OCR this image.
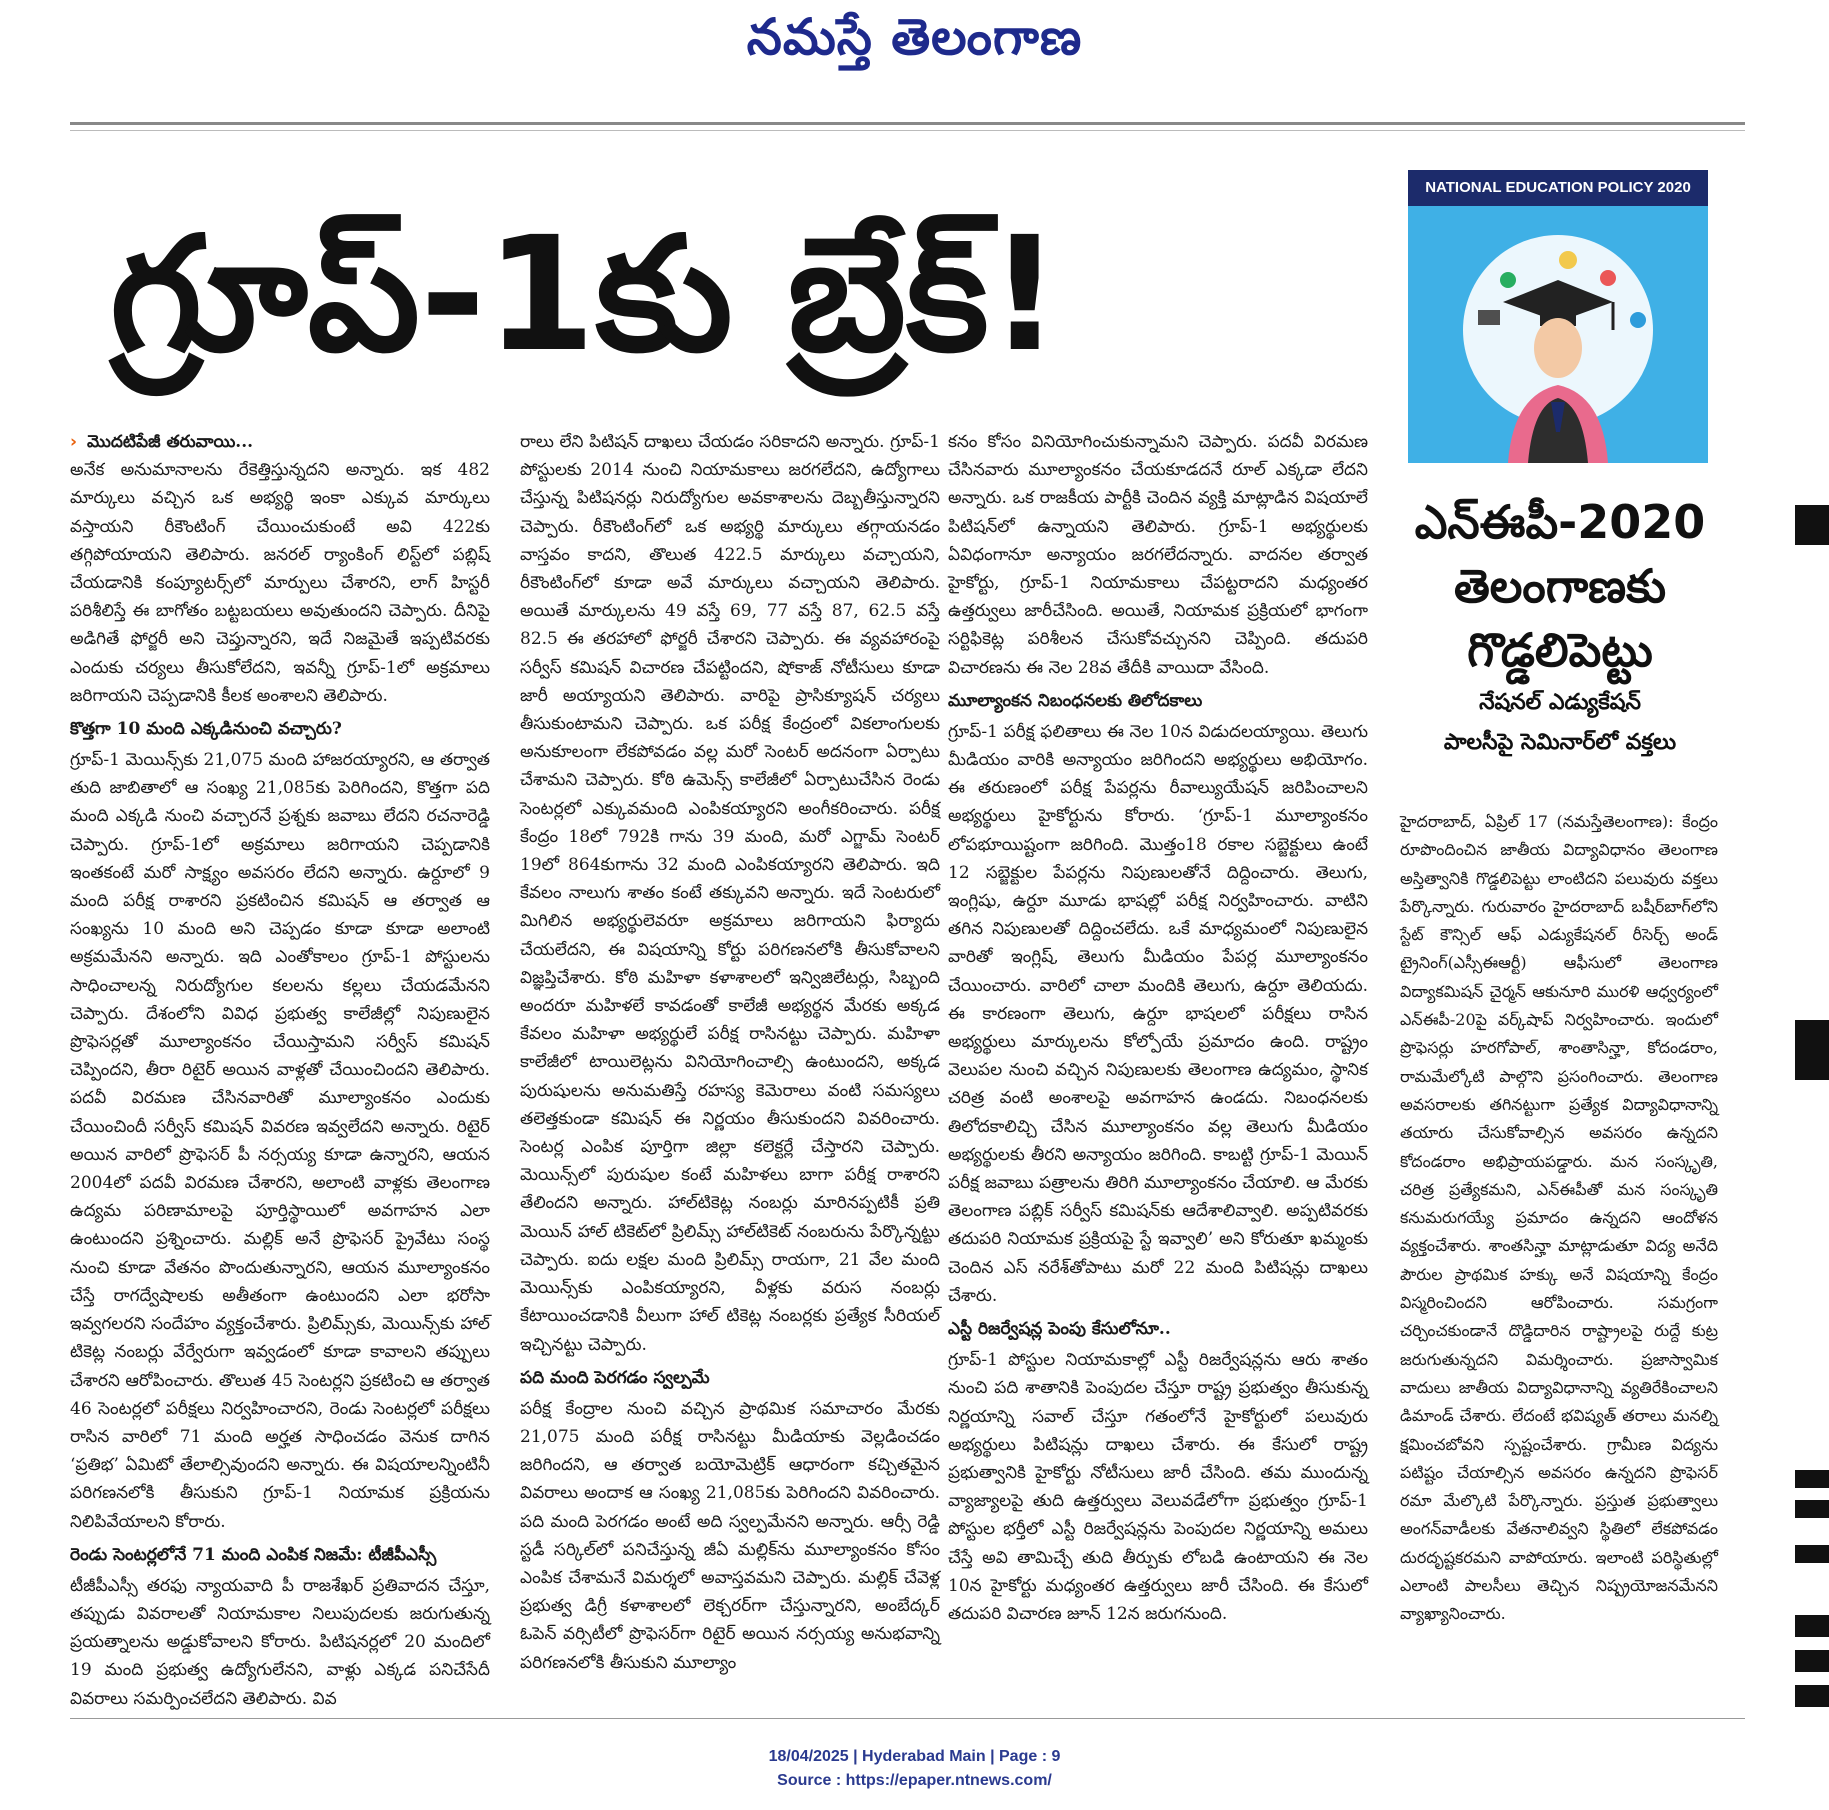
నమస్తే తెలంగాణ
గ్రూప్-1కు బ్రేక్!

› మొదటిపేజీ తరువాయి...

అనేక అనుమానాలను రేకెత్తిస్తున్నదని అన్నారు. ఇక 482 మార్కులు వచ్చిన ఒక అభ్యర్థి ఇంకా ఎక్కువ మార్కులు వస్తాయని రీకౌంటింగ్ చేయించుకుంటే అవి 422కు తగ్గిపోయాయని తెలిపారు. జనరల్ ర్యాంకింగ్ లిస్ట్‌లో పబ్లిష్ చేయడానికి కంప్యూటర్స్‌లో మార్పులు చేశారని, లాగ్ హిస్టరీ పరిశీలిస్తే ఈ బాగోతం బట్టబయలు అవుతుందని చెప్పారు. దీనిపై అడిగితే ఫోర్జరీ అని చెప్తున్నారని, ఇదే నిజమైతే ఇప్పటివరకు ఎందుకు చర్యలు తీసుకోలేదని, ఇవన్నీ గ్రూప్-1లో అక్రమాలు జరిగాయని చెప్పడానికి కీలక అంశాలని తెలిపారు.

కొత్తగా 10 మంది ఎక్కడినుంచి వచ్చారు?

గ్రూప్-1 మెయిన్స్‌కు 21,075 మంది హాజరయ్యారని, ఆ తర్వాత తుది జాబితాలో ఆ సంఖ్య 21,085కు పెరిగిందని, కొత్తగా పది మంది ఎక్కడి నుంచి వచ్చారనే ప్రశ్నకు జవాబు లేదని రచనారెడ్డి చెప్పారు. గ్రూప్-1లో అక్రమాలు జరిగాయని చెప్పడానికి ఇంతకంటే మరో సాక్ష్యం అవసరం లేదని అన్నారు. ఉర్దూలో 9 మంది పరీక్ష రాశారని ప్రకటించిన కమిషన్ ఆ తర్వాత ఆ సంఖ్యను 10 మంది అని చెప్పడం కూడా కూడా అలాంటి అక్రమమేనని అన్నారు. ఇది ఎంతోకాలం గ్రూప్-1 పోస్టులను సాధించాలన్న నిరుద్యోగుల కలలను కల్లలు చేయడమేనని చెప్పారు. దేశంలోని వివిధ ప్రభుత్వ కాలేజీల్లో నిపుణులైన ప్రొఫెసర్లతో మూల్యాంకనం చేయిస్తామని సర్వీస్ కమిషన్ చెప్పిందని, తీరా రిటైర్ అయిన వాళ్లతో చేయించిందని తెలిపారు. పదవీ విరమణ చేసినవారితో మూల్యాంకనం ఎందుకు చేయించిందీ సర్వీస్ కమిషన్ వివరణ ఇవ్వలేదని అన్నారు. రిటైర్ అయిన వారిలో ప్రొఫెసర్ పీ నర్సయ్య కూడా ఉన్నారని, ఆయన 2004లో పదవీ విరమణ చేశారని, అలాంటి వాళ్లకు తెలంగాణ ఉద్యమ పరిణామాలపై పూర్తిస్థాయిలో అవగాహన ఎలా ఉంటుందని ప్రశ్నించారు. మల్లిక్ అనే ప్రొఫెసర్ ప్రైవేటు సంస్థ నుంచి కూడా వేతనం పొందుతున్నారని, ఆయన మూల్యాంకనం చేస్తే రాగద్వేషాలకు అతీతంగా ఉంటుందని ఎలా భరోసా ఇవ్వగలరని సందేహం వ్యక్తంచేశారు. ప్రిలిమ్స్‌కు, మెయిన్స్‌కు హాల్ టికెట్ల నంబర్లు వేర్వేరుగా ఇవ్వడంలో కూడా కావాలని తప్పులు చేశారని ఆరోపించారు. తొలుత 45 సెంటర్లని ప్రకటించి ఆ తర్వాత 46 సెంటర్లలో పరీక్షలు నిర్వహించారని, రెండు సెంటర్లలో పరీక్షలు రాసిన వారిలో 71 మంది అర్హత సాధించడం వెనుక దాగిన ‘ప్రతిభ’ ఏమిటో తేలాల్సివుందని అన్నారు. ఈ విషయాలన్నింటినీ పరిగణనలోకి తీసుకుని గ్రూప్-1 నియామక ప్రక్రియను నిలిపివేయాలని కోరారు.

రెండు సెంటర్లలోనే 71 మంది ఎంపిక నిజమే: టీజీపీఎస్సీ

టీజీపీఎస్సీ తరఫు న్యాయవాది పీ రాజశేఖర్ ప్రతివాదన చేస్తూ, తప్పుడు వివరాలతో నియామకాల నిలుపుదలకు జరుగుతున్న ప్రయత్నాలను అడ్డుకోవాలని కోరారు. పిటిషనర్లలో 20 మందిలో 19 మంది ప్రభుత్వ ఉద్యోగులేనని, వాళ్లు ఎక్కడ పనిచేసేదీ వివరాలు సమర్పించలేదని తెలిపారు. వివ

రాలు లేని పిటిషన్ దాఖలు చేయడం సరికాదని అన్నారు. గ్రూప్-1 పోస్టులకు 2014 నుంచి నియామకాలు జరగలేదని, ఉద్యోగాలు చేస్తున్న పిటిషనర్లు నిరుద్యోగుల అవకాశాలను దెబ్బతీస్తున్నారని చెప్పారు. రీకౌంటింగ్‌లో ఒక అభ్యర్థి మార్కులు తగ్గాయనడం వాస్తవం కాదని, తొలుత 422.5 మార్కులు వచ్చాయని, రీకౌంటింగ్‌లో కూడా అవే మార్కులు వచ్చాయని తెలిపారు. అయితే మార్కులను 49 వస్తే 69, 77 వస్తే 87, 62.5 వస్తే 82.5 ఈ తరహాలో ఫోర్జరీ చేశారని చెప్పారు. ఈ వ్యవహారంపై సర్వీస్ కమిషన్ విచారణ చేపట్టిందని, షోకాజ్ నోటీసులు కూడా జారీ అయ్యాయని తెలిపారు. వారిపై ప్రాసిక్యూషన్ చర్యలు తీసుకుంటామని చెప్పారు. ఒక పరీక్ష కేంద్రంలో వికలాంగులకు అనుకూలంగా లేకపోవడం వల్ల మరో సెంటర్ అదనంగా ఏర్పాటు చేశామని చెప్పారు. కోఠి ఉమెన్స్ కాలేజీలో ఏర్పాటుచేసిన రెండు సెంటర్లలో ఎక్కువమంది ఎంపికయ్యారని అంగీకరించారు. పరీక్ష కేంద్రం 18లో 792కి గాను 39 మంది, మరో ఎగ్జామ్ సెంటర్ 19లో 864కుగాను 32 మంది ఎంపికయ్యారని తెలిపారు. ఇది కేవలం నాలుగు శాతం కంటే తక్కువని అన్నారు. ఇదే సెంటరులో మిగిలిన అభ్యర్థులెవరూ అక్రమాలు జరిగాయని ఫిర్యాదు చేయలేదని, ఈ విషయాన్ని కోర్టు పరిగణనలోకి తీసుకోవాలని విజ్ఞప్తిచేశారు. కోఠి మహిళా కళాశాలలో ఇన్విజిలేటర్లు, సిబ్బంది అందరూ మహిళలే కావడంతో కాలేజీ అభ్యర్థన మేరకు అక్కడ కేవలం మహిళా అభ్యర్థులే పరీక్ష రాసినట్టు చెప్పారు. మహిళా కాలేజీలో టాయిలెట్లను వినియోగించాల్సి ఉంటుందని, అక్కడ పురుషులను అనుమతిస్తే రహస్య కెమెరాలు వంటి సమస్యలు తలెత్తకుండా కమిషన్ ఈ నిర్ణయం తీసుకుందని వివరించారు. సెంటర్ల ఎంపిక పూర్తిగా జిల్లా కలెక్టర్లే చేస్తారని చెప్పారు. మెయిన్స్‌లో పురుషుల కంటే మహిళలు బాగా పరీక్ష రాశారని తేలిందని అన్నారు. హాల్‌టికెట్ల నంబర్లు మారినప్పటికీ ప్రతి మెయిన్ హాల్ టికెట్‌లో ప్రిలిమ్స్ హాల్‌టికెట్ నంబరును పేర్కొన్నట్టు చెప్పారు. ఐదు లక్షల మంది ప్రిలిమ్స్ రాయగా, 21 వేల మంది మెయిన్స్‌కు ఎంపికయ్యారని, వీళ్లకు వరుస నంబర్లు కేటాయించడానికి వీలుగా హాల్ టికెట్ల నంబర్లకు ప్రత్యేక సీరియల్ ఇచ్చినట్టు చెప్పారు.

పది మంది పెరగడం స్వల్పమే

పరీక్ష కేంద్రాల నుంచి వచ్చిన ప్రాథమిక సమాచారం మేరకు 21,075 మంది పరీక్ష రాసినట్టు మీడియాకు వెల్లడించడం జరిగిందని, ఆ తర్వాత బయోమెట్రిక్ ఆధారంగా కచ్చితమైన వివరాలు అందాక ఆ సంఖ్య 21,085కు పెరిగిందని వివరించారు. పది మంది పెరగడం అంటే అది స్వల్పమేనని అన్నారు. ఆర్సీ రెడ్డి స్టడీ సర్కిల్‌లో పనిచేస్తున్న జీఏ మల్లిక్‌ను మూల్యాంకనం కోసం ఎంపిక చేశామనే విమర్శలో అవాస్తవమని చెప్పారు. మల్లిక్ చేవెళ్ల ప్రభుత్వ డిగ్రీ కళాశాలలో లెక్చరర్‌గా చేస్తున్నారని, అంబేద్కర్ ఓపెన్ వర్సిటీలో ప్రొఫెసర్‌గా రిటైర్ అయిన నర్సయ్య అనుభవాన్ని పరిగణనలోకి తీసుకుని మూల్యాం

కనం కోసం వినియోగించుకున్నామని చెప్పారు. పదవీ విరమణ చేసినవారు మూల్యాంకనం చేయకూడదనే రూల్ ఎక్కడా లేదని అన్నారు. ఒక రాజకీయ పార్టీకి చెందిన వ్యక్తి మాట్లాడిన విషయాలే పిటిషన్‌లో ఉన్నాయని తెలిపారు. గ్రూప్-1 అభ్యర్థులకు ఏవిధంగానూ అన్యాయం జరగలేదన్నారు. వాదనల తర్వాత హైకోర్టు, గ్రూప్-1 నియామకాలు చేపట్టరాదని మధ్యంతర ఉత్తర్వులు జారీచేసింది. అయితే, నియామక ప్రక్రియలో భాగంగా సర్టిఫికెట్ల పరిశీలన చేసుకోవచ్చునని చెప్పింది. తదుపరి విచారణను ఈ నెల 28వ తేదీకి వాయిదా వేసింది.

మూల్యాంకన నిబంధనలకు తిలోదకాలు

గ్రూప్-1 పరీక్ష ఫలితాలు ఈ నెల 10న విడుదలయ్యాయి. తెలుగు మీడియం వారికి అన్యాయం జరిగిందని అభ్యర్థులు అభియోగం. ఈ తరుణంలో పరీక్ష పేపర్లను రీవాల్యుయేషన్ జరిపించాలని అభ్యర్థులు హైకోర్టును కోరారు. ‘గ్రూప్-1 మూల్యాంకనం లోపభూయిష్టంగా జరిగింది. మొత్తం18 రకాల సబ్జెక్టులు ఉంటే 12 సబ్జెక్టుల పేపర్లను నిపుణులతోనే దిద్దించారు. తెలుగు, ఇంగ్లిషు, ఉర్దూ మూడు భాషల్లో పరీక్ష నిర్వహించారు. వాటిని తగిన నిపుణులతో దిద్దించలేదు. ఒకే మాధ్యమంలో నిపుణులైన వారితో ఇంగ్లిష్, తెలుగు మీడియం పేపర్ల మూల్యాంకనం చేయించారు. వారిలో చాలా మందికి తెలుగు, ఉర్దూ తెలియదు. ఈ కారణంగా తెలుగు, ఉర్దూ భాషలలో పరీక్షలు రాసిన అభ్యర్థులు మార్కులను కోల్పోయే ప్రమాదం ఉంది. రాష్ట్రం వెలుపల నుంచి వచ్చిన నిపుణులకు తెలంగాణ ఉద్యమం, స్థానిక చరిత్ర వంటి అంశాలపై అవగాహన ఉండదు. నిబంధనలకు తిలోదకాలిచ్చి చేసిన మూల్యాంకనం వల్ల తెలుగు మీడియం అభ్యర్థులకు తీరని అన్యాయం జరిగింది. కాబట్టి గ్రూప్-1 మెయిన్ పరీక్ష జవాబు పత్రాలను తిరిగి మూల్యాంకనం చేయాలి. ఆ మేరకు తెలంగాణ పబ్లిక్ సర్వీస్ కమిషన్‌కు ఆదేశాలివ్వాలి. అప్పటివరకు తదుపరి నియామక ప్రక్రియపై స్టే ఇవ్వాలి’ అని కోరుతూ ఖమ్మంకు చెందిన ఎస్ నరేశ్‌తోపాటు మరో 22 మంది పిటిషన్లు దాఖలు చేశారు.

ఎస్టీ రిజర్వేషన్ల పెంపు కేసులోనూ..

గ్రూప్-1 పోస్టుల నియామకాల్లో ఎస్టీ రిజర్వేషన్లను ఆరు శాతం నుంచి పది శాతానికి పెంపుదల చేస్తూ రాష్ట్ర ప్రభుత్వం తీసుకున్న నిర్ణయాన్ని సవాల్ చేస్తూ గతంలోనే హైకోర్టులో పలువురు అభ్యర్థులు పిటిషన్లు దాఖలు చేశారు. ఈ కేసులో రాష్ట్ర ప్రభుత్వానికి హైకోర్టు నోటీసులు జారీ చేసింది. తమ ముందున్న వ్యాజ్యాలపై తుది ఉత్తర్వులు వెలువడేలోగా ప్రభుత్వం గ్రూప్-1 పోస్టుల భర్తీలో ఎస్టీ రిజర్వేషన్లను పెంపుదల నిర్ణయాన్ని అమలు చేస్తే అవి తామిచ్చే తుది తీర్పుకు లోబడి ఉంటాయని ఈ నెల 10న హైకోర్టు మధ్యంతర ఉత్తర్వులు జారీ చేసింది. ఈ కేసులో తదుపరి విచారణ జూన్ 12న జరుగనుంది.

NATIONAL EDUCATION POLICY 2020
ఎన్ఈపీ-2020
తెలంగాణకు
గొడ్డలిపెట్టు
నేషనల్ ఎడ్యుకేషన్
పాలసీపై సెమినార్‌లో వక్తలు
హైదరాబాద్, ఏప్రిల్ 17 (నమస్తేతెలంగాణ): కేంద్రం రూపొందించిన జాతీయ విద్యావిధానం తెలంగాణ అస్తిత్వానికి గొడ్డలిపెట్టు లాంటిదని పలువురు వక్తలు పేర్కొన్నారు. గురువారం హైదరాబాద్ బషీర్‌బాగ్‌లోని స్టేట్ కౌన్సిల్ ఆఫ్ ఎడ్యుకేషనల్ రీసెర్చ్ అండ్ ట్రైనింగ్(ఎస్సీఈఆర్టీ) ఆఫీసులో తెలంగాణ విద్యాకమిషన్ చైర్మన్ ఆకునూరి మురళి ఆధ్వర్యంలో ఎన్ఈపీ-20పై వర్క్‌షాప్ నిర్వహించారు. ఇందులో ప్రొఫెసర్లు హరగోపాల్, శాంతాసిన్హా, కోదండరాం, రామమేల్కోటి పాల్గొని ప్రసంగించారు. తెలంగాణ అవసరాలకు తగినట్టుగా ప్రత్యేక విద్యావిధానాన్ని తయారు చేసుకోవాల్సిన అవసరం ఉన్నదని కోదండరాం అభిప్రాయపడ్డారు. మన సంస్కృతి, చరిత్ర ప్రత్యేకమని, ఎన్ఈపీతో మన సంస్కృతి కనుమరుగయ్యే ప్రమాదం ఉన్నదని ఆందోళన వ్యక్తంచేశారు. శాంతసిన్హా మాట్లాడుతూ విద్య అనేది పౌరుల ప్రాథమిక హక్కు అనే విషయాన్ని కేంద్రం విస్మరించిందని ఆరోపించారు. సమగ్రంగా చర్చించకుండానే దొడ్డిదారిన రాష్ట్రాలపై రుద్దే కుట్ర జరుగుతున్నదని విమర్శించారు. ప్రజాస్వామిక వాదులు జాతీయ విద్యావిధానాన్ని వ్యతిరేకించాలని డిమాండ్ చేశారు. లేదంటే భవిష్యత్ తరాలు మనల్ని క్షమించబోవని స్పష్టంచేశారు. గ్రామీణ విద్యను పటిష్టం చేయాల్సిన అవసరం ఉన్నదని ప్రొఫెసర్ రమా మేల్కొటి పేర్కొన్నారు. ప్రస్తుత ప్రభుత్వాలు అంగన్‌వాడీలకు వేతనాలివ్వని స్థితిలో లేకపోవడం దురదృష్టకరమని వాపోయారు. ఇలాంటి పరిస్థితుల్లో ఎలాంటి పాలసీలు తెచ్చిన నిష్ప్రయోజనమేనని వ్యాఖ్యానించారు.
18/04/2025 | Hyderabad Main | Page : 9
Source : https://epaper.ntnews.com/
